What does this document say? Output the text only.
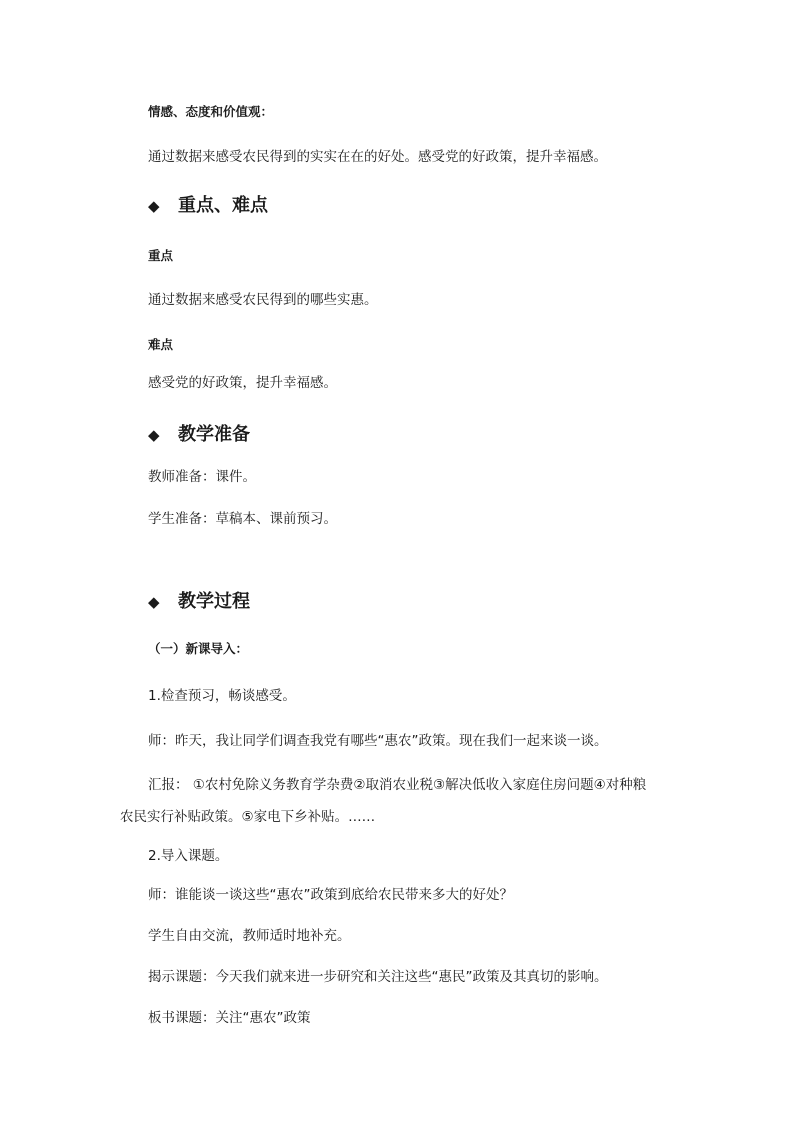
情感、态度和价值观：
通过数据来感受农民得到的实实在在的好处。感受党的好政策，提升幸福感。
◆ 重点、难点
重点
通过数据来感受农民得到的哪些实惠。
难点
感受党的好政策，提升幸福感。
◆ 教学准备
教师准备：课件。
学生准备：草稿本、课前预习。
◆ 教学过程
（一）新课导入：
1.检查预习，畅谈感受。
师：昨天，我让同学们调查我党有哪些“惠农”政策。现在我们一起来谈一谈。
汇报： ①农村免除义务教育学杂费②取消农业税③解决低收入家庭住房问题④对种粮
农民实行补贴政策。⑤家电下乡补贴。……
2.导入课题。
师：谁能谈一谈这些“惠农”政策到底给农民带来多大的好处？
学生自由交流，教师适时地补充。
揭示课题：今天我们就来进一步研究和关注这些“惠民”政策及其真切的影响。
板书课题：关注“惠农”政策
